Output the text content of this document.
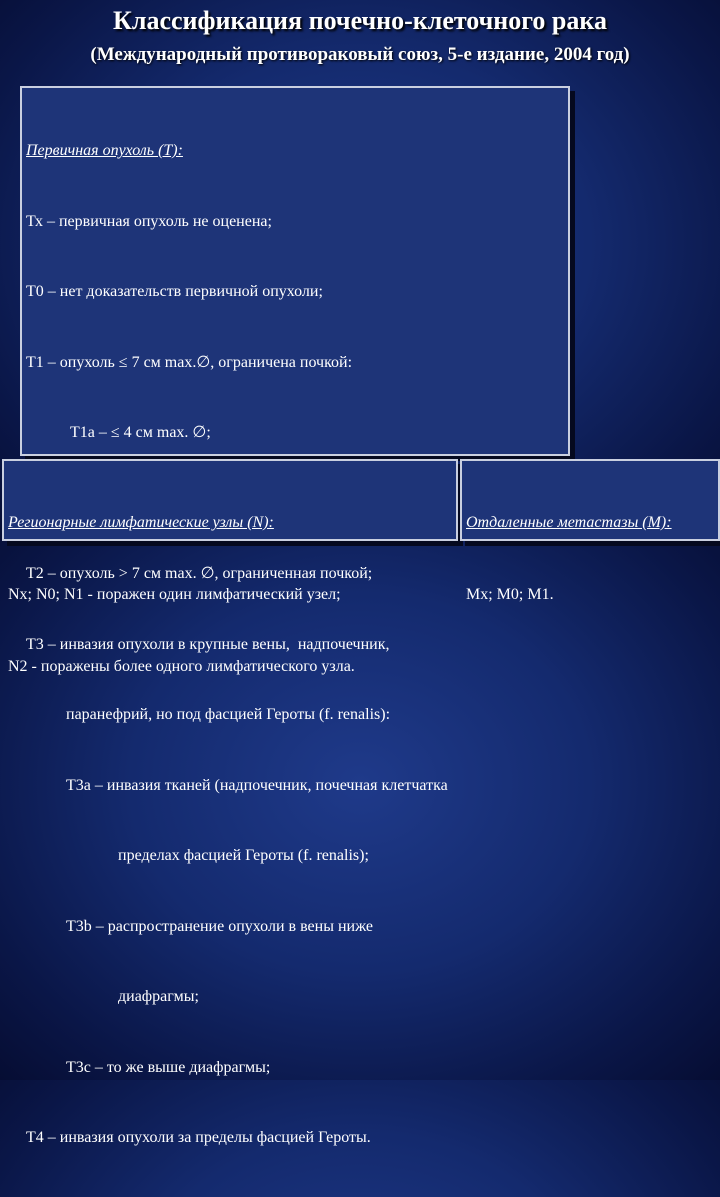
Классификация почечно-клеточного рака
(Международный противораковый союз, 5-е издание, 2004 год)

Первичная опухоль (Т):

Тх – первичная опухоль не оценена;

Т0 – нет доказательств первичной опухоли;

Т1 – опухоль ≤ 7 см max.∅, ограничена почкой:

Т1a – ≤ 4 см max. ∅;

Т2 – опухоль > 7 см max. ∅, ограниченная почкой;

Т3 – инвазия опухоли в крупные вены,  надпочечник,

паранефрий, но под фасцией Героты (f. renalis):

Т3а – инвазия тканей (надпочечник, почечная клетчатка

пределах фасцией Героты (f. renalis);

Т3b – распространение опухоли в вены ниже

диафрагмы;

Т3c – то же выше диафрагмы;

Т4 – инвазия опухоли за пределы фасцией Героты.

Регионарные лимфатические узлы (N):

Nx; N0; N1 - поражен один лимфатический узел;

N2 - поражены более одного лимфатического узла.

Отдаленные метастазы (М):

Mx; M0; M1.
